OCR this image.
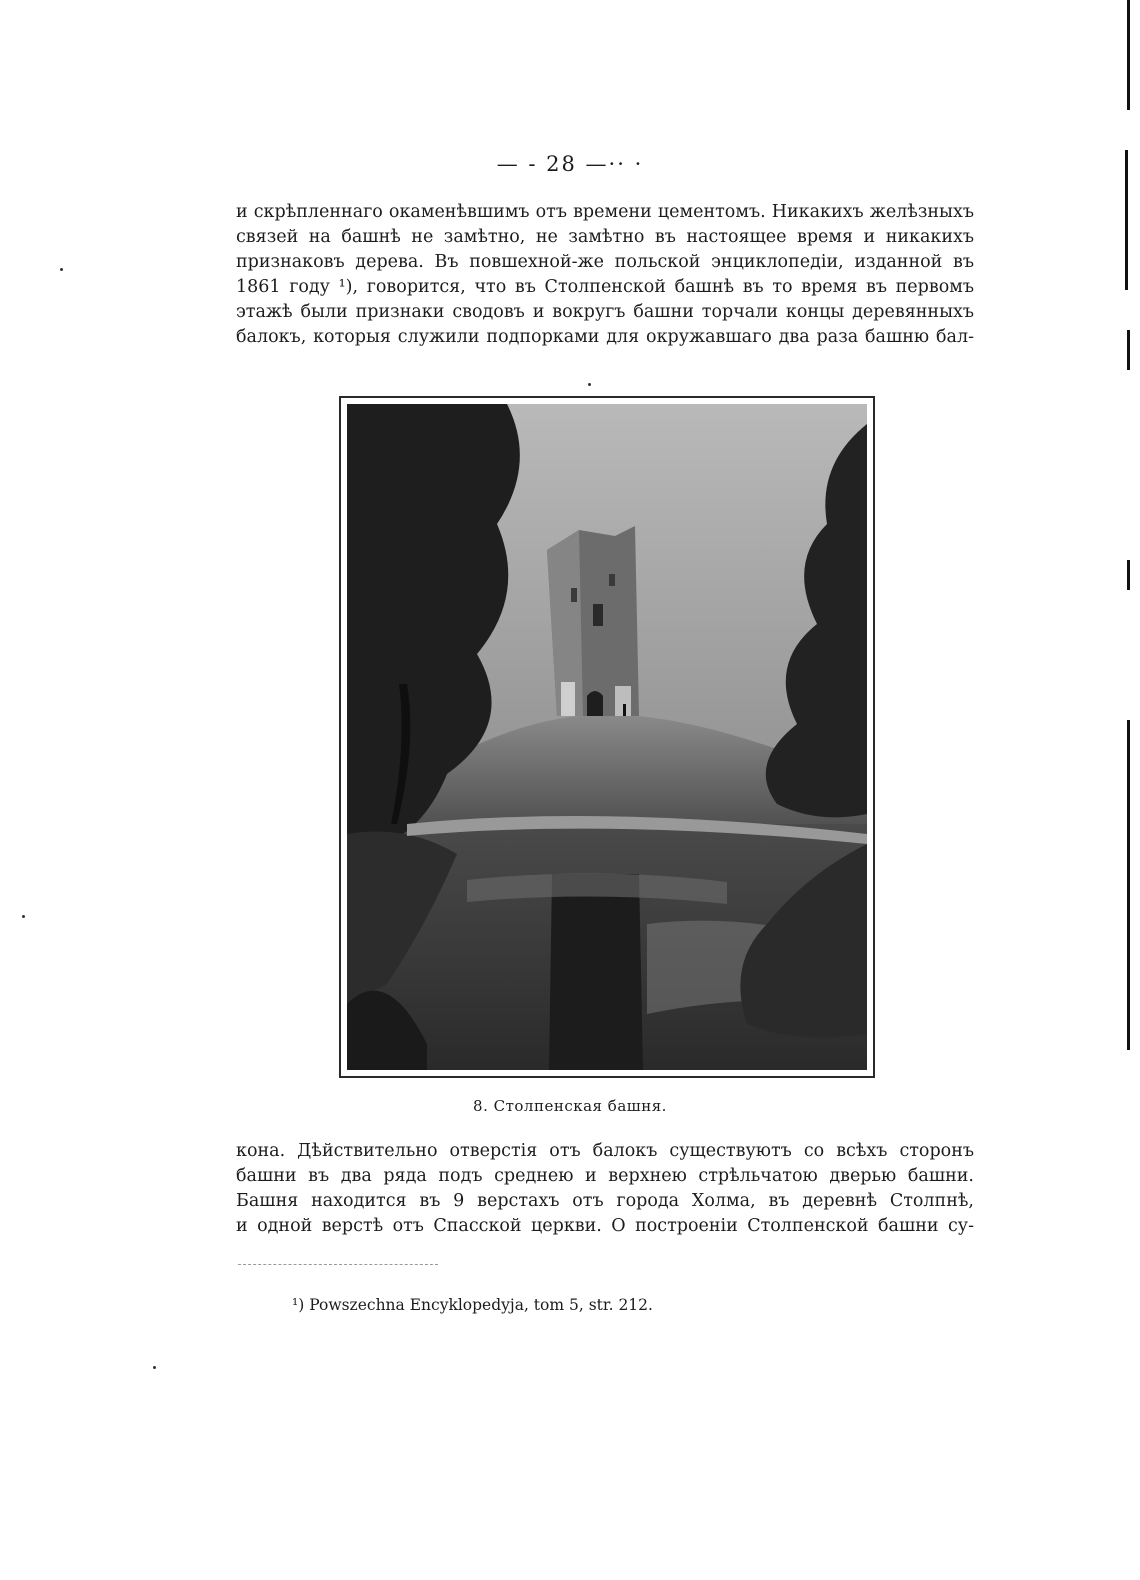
— - 28 —·· ·

и скрѣпленнаго окаменѣвшимъ отъ времени цементомъ. Никакихъ желѣзныхъ
связей на башнѣ не замѣтно, не замѣтно въ настоящее время и никакихъ
признаковъ дерева. Въ повшехной-же польской энциклопедіи, изданной въ
1861 году ¹), говорится, что въ Столпенской башнѣ въ то время въ первомъ
этажѣ были признаки сводовъ и вокругъ башни торчали концы деревянныхъ
балокъ, которыя служили подпорками для окружавшаго два раза башню бал-

8. Столпенская башня.

кона. Дѣйствительно отверстія отъ балокъ существуютъ со всѣхъ сторонъ
башни въ два ряда подъ среднею и верхнею стрѣльчатою дверью башни.
Башня находится въ 9 верстахъ отъ города Холма, въ деревнѣ Столпнѣ,
и одной верстѣ отъ Спасской церкви. О построеніи Столпенской башни су-

¹) Powszechna Encyklopedyja, tom 5, str. 212.
